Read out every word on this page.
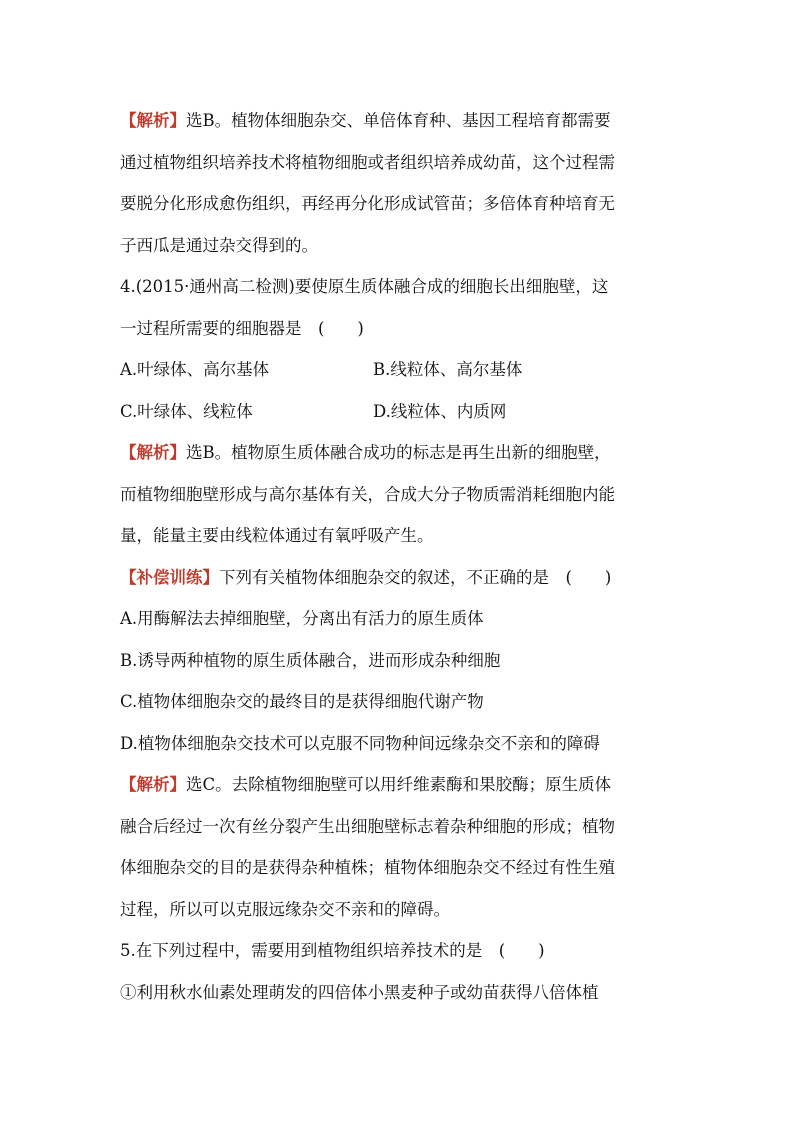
【解析】选B。植物体细胞杂交、单倍体育种、基因工程培育都需要
通过植物组织培养技术将植物细胞或者组织培养成幼苗，这个过程需
要脱分化形成愈伤组织，再经再分化形成试管苗；多倍体育种培育无
子西瓜是通过杂交得到的。
4.(2015·通州高二检测)要使原生质体融合成的细胞长出细胞壁，这
一过程所需要的细胞器是　(　　)
A.叶绿体、高尔基体	B.线粒体、高尔基体
C.叶绿体、线粒体	D.线粒体、内质网
【解析】选B。植物原生质体融合成功的标志是再生出新的细胞壁，
而植物细胞壁形成与高尔基体有关，合成大分子物质需消耗细胞内能
量，能量主要由线粒体通过有氧呼吸产生。
【补偿训练】下列有关植物体细胞杂交的叙述，不正确的是　(　　)
A.用酶解法去掉细胞壁，分离出有活力的原生质体
B.诱导两种植物的原生质体融合，进而形成杂种细胞
C.植物体细胞杂交的最终目的是获得细胞代谢产物
D.植物体细胞杂交技术可以克服不同物种间远缘杂交不亲和的障碍
【解析】选C。去除植物细胞壁可以用纤维素酶和果胶酶；原生质体
融合后经过一次有丝分裂产生出细胞壁标志着杂种细胞的形成；植物
体细胞杂交的目的是获得杂种植株；植物体细胞杂交不经过有性生殖
过程，所以可以克服远缘杂交不亲和的障碍。
5.在下列过程中，需要用到植物组织培养技术的是　(　　)
①利用秋水仙素处理萌发的四倍体小黑麦种子或幼苗获得八倍体植
